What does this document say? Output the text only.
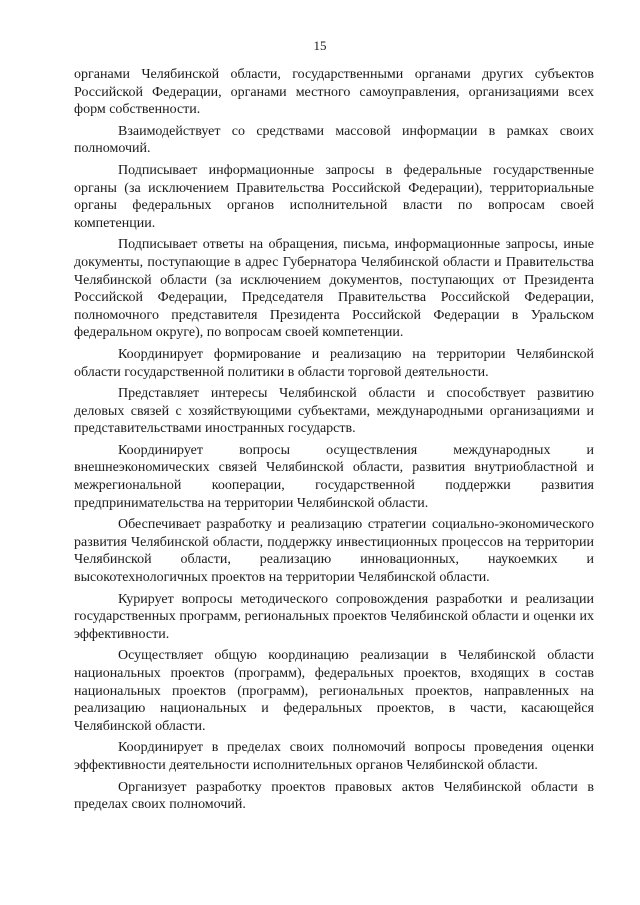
15

органами Челябинской области, государственными органами других субъектов Российской Федерации, органами местного самоуправления, организациями всех форм собственности.

Взаимодействует со средствами массовой информации в рамках своих полномочий.

Подписывает информационные запросы в федеральные государственные органы (за исключением Правительства Российской Федерации), территориальные органы федеральных органов исполнительной власти по вопросам своей компетенции.

Подписывает ответы на обращения, письма, информационные запросы, иные документы, поступающие в адрес Губернатора Челябинской области и Правительства Челябинской области (за исключением документов, поступающих от Президента Российской Федерации, Председателя Правительства Российской Федерации, полномочного представителя Президента Российской Федерации в Уральском федеральном округе), по вопросам своей компетенции.

Координирует формирование и реализацию на территории Челябинской области государственной политики в области торговой деятельности.

Представляет интересы Челябинской области и способствует развитию деловых связей с хозяйствующими субъектами, международными организациями и представительствами иностранных государств.

Координирует вопросы осуществления международных и внешнеэкономических связей Челябинской области, развития внутриобластной и межрегиональной кооперации, государственной поддержки развития предпринимательства на территории Челябинской области.

Обеспечивает разработку и реализацию стратегии социально-экономического развития Челябинской области, поддержку инвестиционных процессов на территории Челябинской области, реализацию инновационных, наукоемких и высокотехнологичных проектов на территории Челябинской области.

Курирует вопросы методического сопровождения разработки и реализации государственных программ, региональных проектов Челябинской области и оценки их эффективности.

Осуществляет общую координацию реализации в Челябинской области национальных проектов (программ), федеральных проектов, входящих в состав национальных проектов (программ), региональных проектов, направленных на реализацию национальных и федеральных проектов, в части, касающейся Челябинской области.

Координирует в пределах своих полномочий вопросы проведения оценки эффективности деятельности исполнительных органов Челябинской области.

Организует разработку проектов правовых актов Челябинской области в пределах своих полномочий.
